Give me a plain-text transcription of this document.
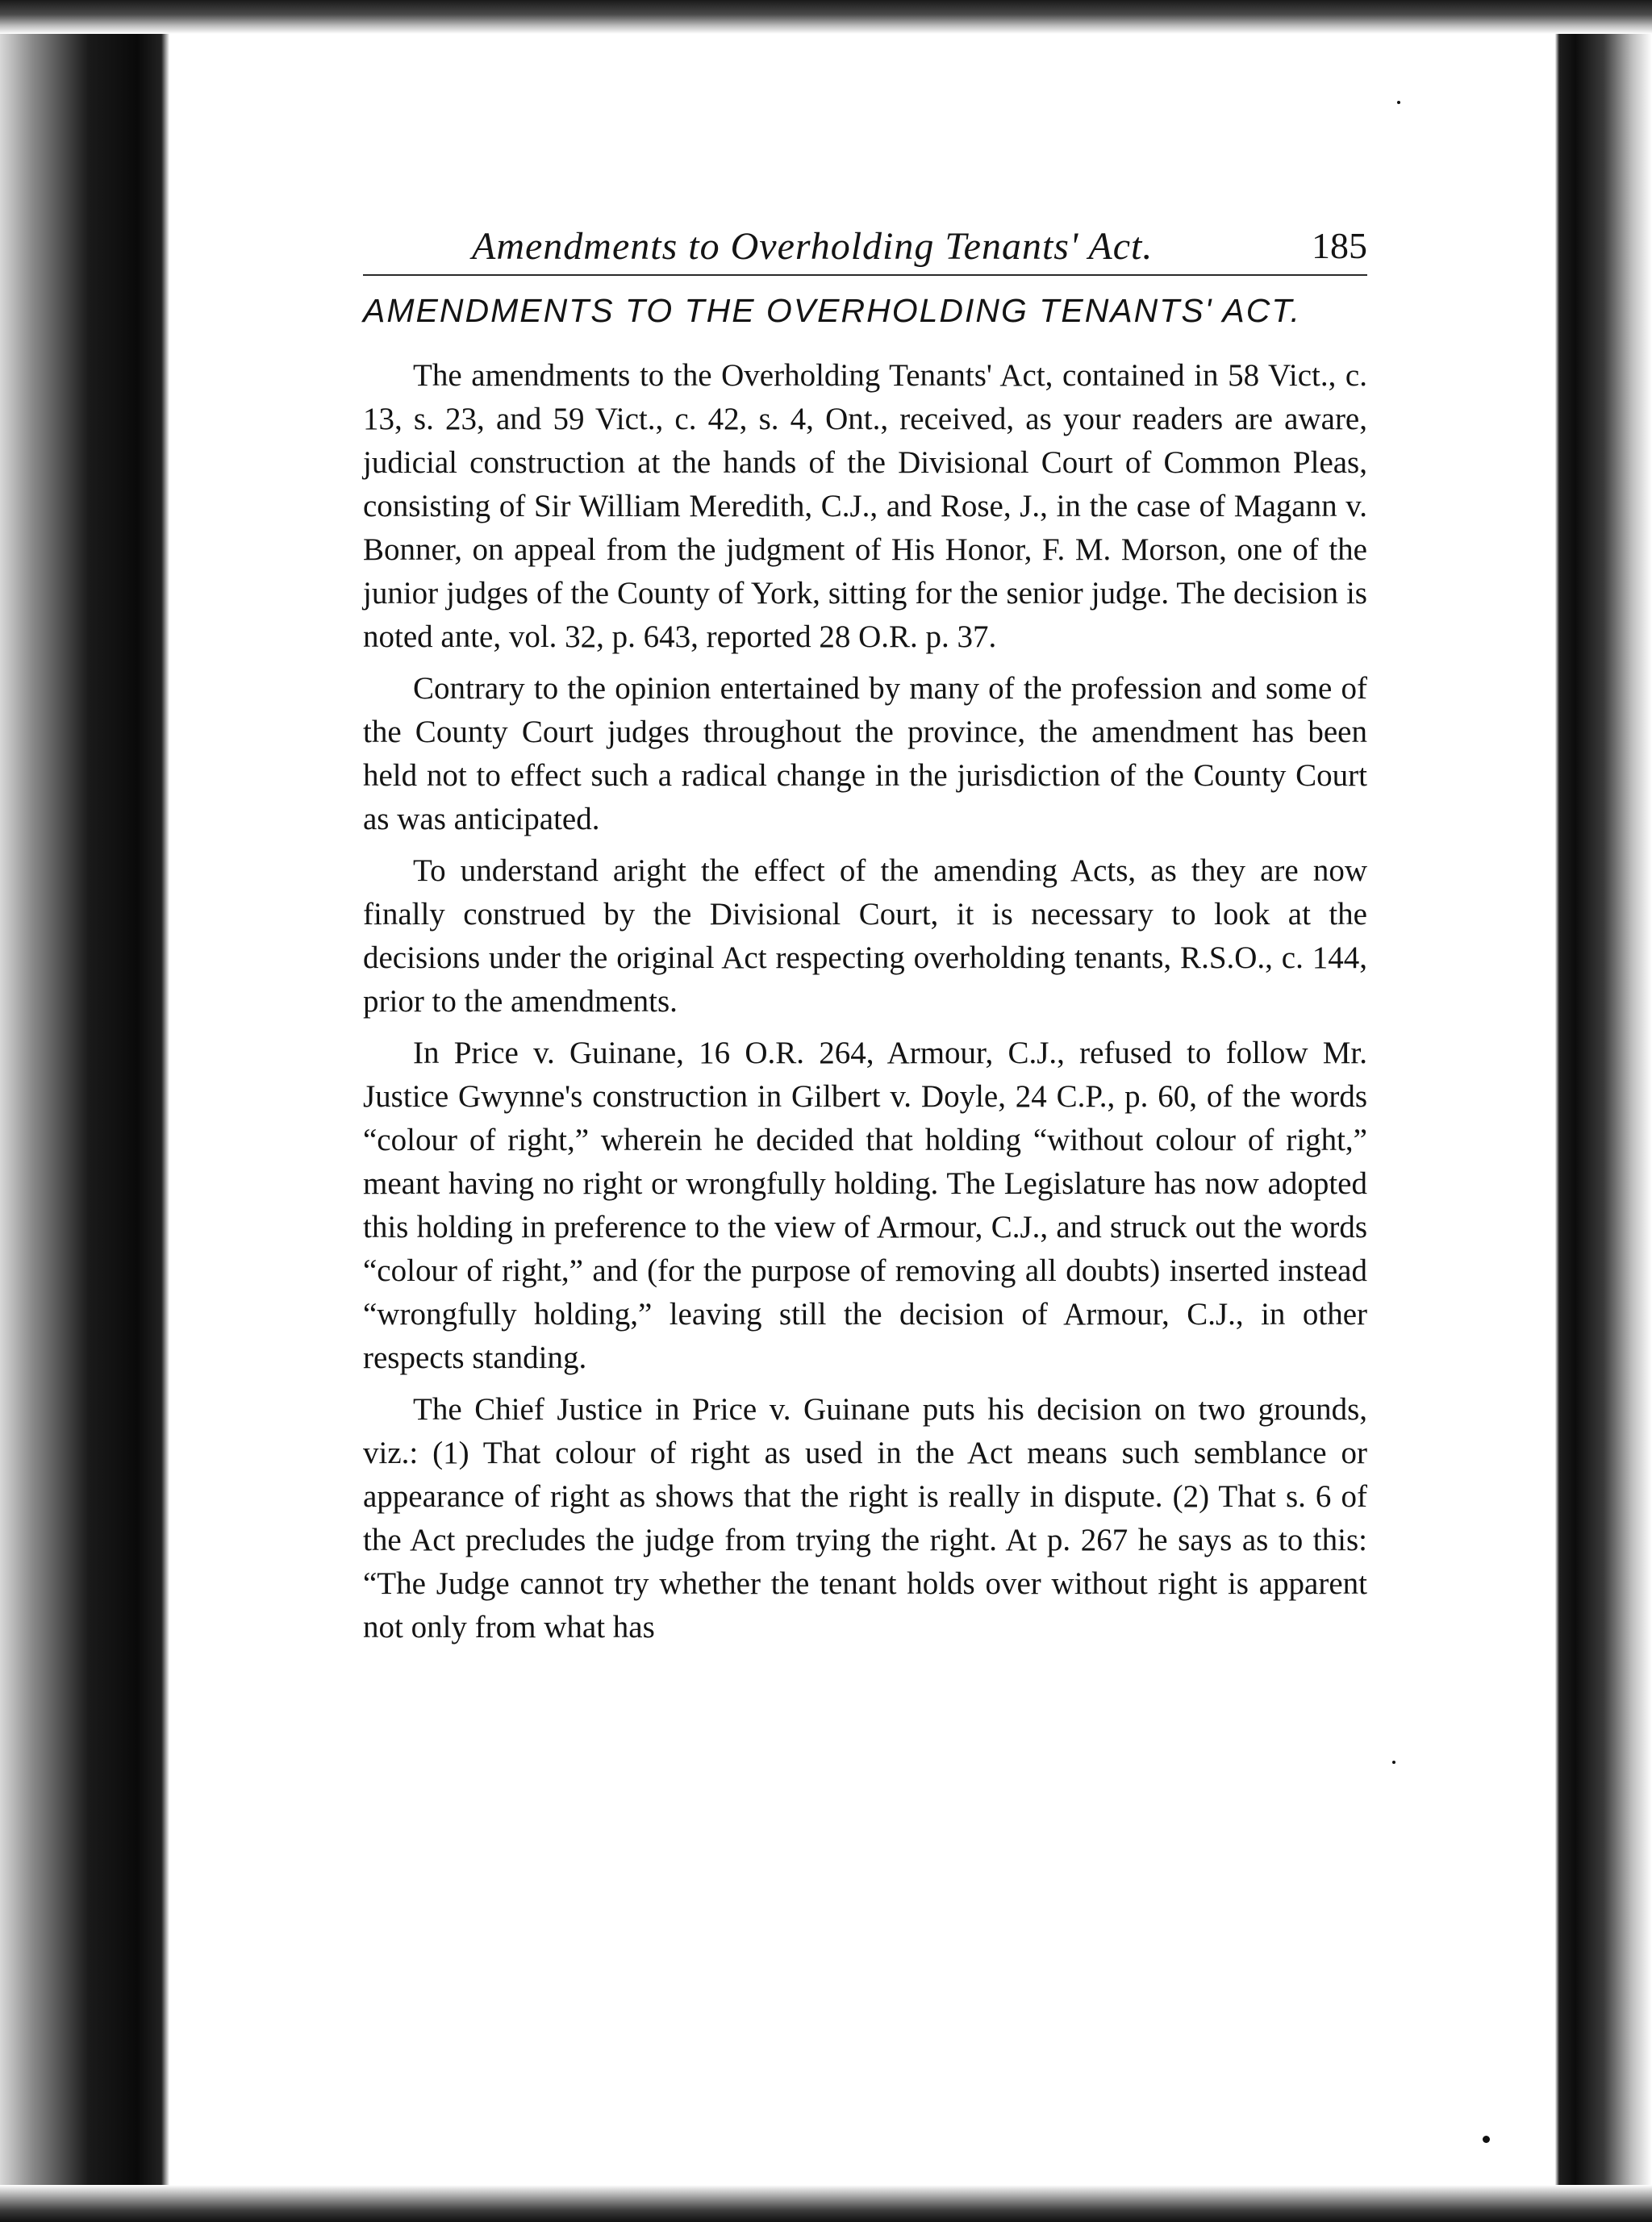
Amendments to Overholding Tenants' Act.	185
AMENDMENTS TO THE OVERHOLDING TENANTS' ACT.

The amendments to the Overholding Tenants' Act, contained in 58 Vict., c. 13, s. 23, and 59 Vict., c. 42, s. 4, Ont., received, as your readers are aware, judicial construction at the hands of the Divisional Court of Common Pleas, consisting of Sir William Meredith, C.J., and Rose, J., in the case of Magann v. Bonner, on appeal from the judgment of His Honor, F. M. Morson, one of the junior judges of the County of York, sitting for the senior judge. The decision is noted ante, vol. 32, p. 643, reported 28 O.R. p. 37.

Contrary to the opinion entertained by many of the profession and some of the County Court judges throughout the province, the amendment has been held not to effect such a radical change in the jurisdiction of the County Court as was anticipated.

To understand aright the effect of the amending Acts, as they are now finally construed by the Divisional Court, it is necessary to look at the decisions under the original Act respecting overholding tenants, R.S.O., c. 144, prior to the amendments.

In Price v. Guinane, 16 O.R. 264, Armour, C.J., refused to follow Mr. Justice Gwynne's construction in Gilbert v. Doyle, 24 C.P., p. 60, of the words “colour of right,” wherein he decided that holding “without colour of right,” meant having no right or wrongfully holding. The Legislature has now adopted this holding in preference to the view of Armour, C.J., and struck out the words “colour of right,” and (for the purpose of removing all doubts) inserted instead “wrongfully holding,” leaving still the decision of Armour, C.J., in other respects standing.

The Chief Justice in Price v. Guinane puts his decision on two grounds, viz.: (1) That colour of right as used in the Act means such semblance or appearance of right as shows that the right is really in dispute. (2) That s. 6 of the Act precludes the judge from trying the right. At p. 267 he says as to this: “The Judge cannot try whether the tenant holds over without right is apparent not only from what has
